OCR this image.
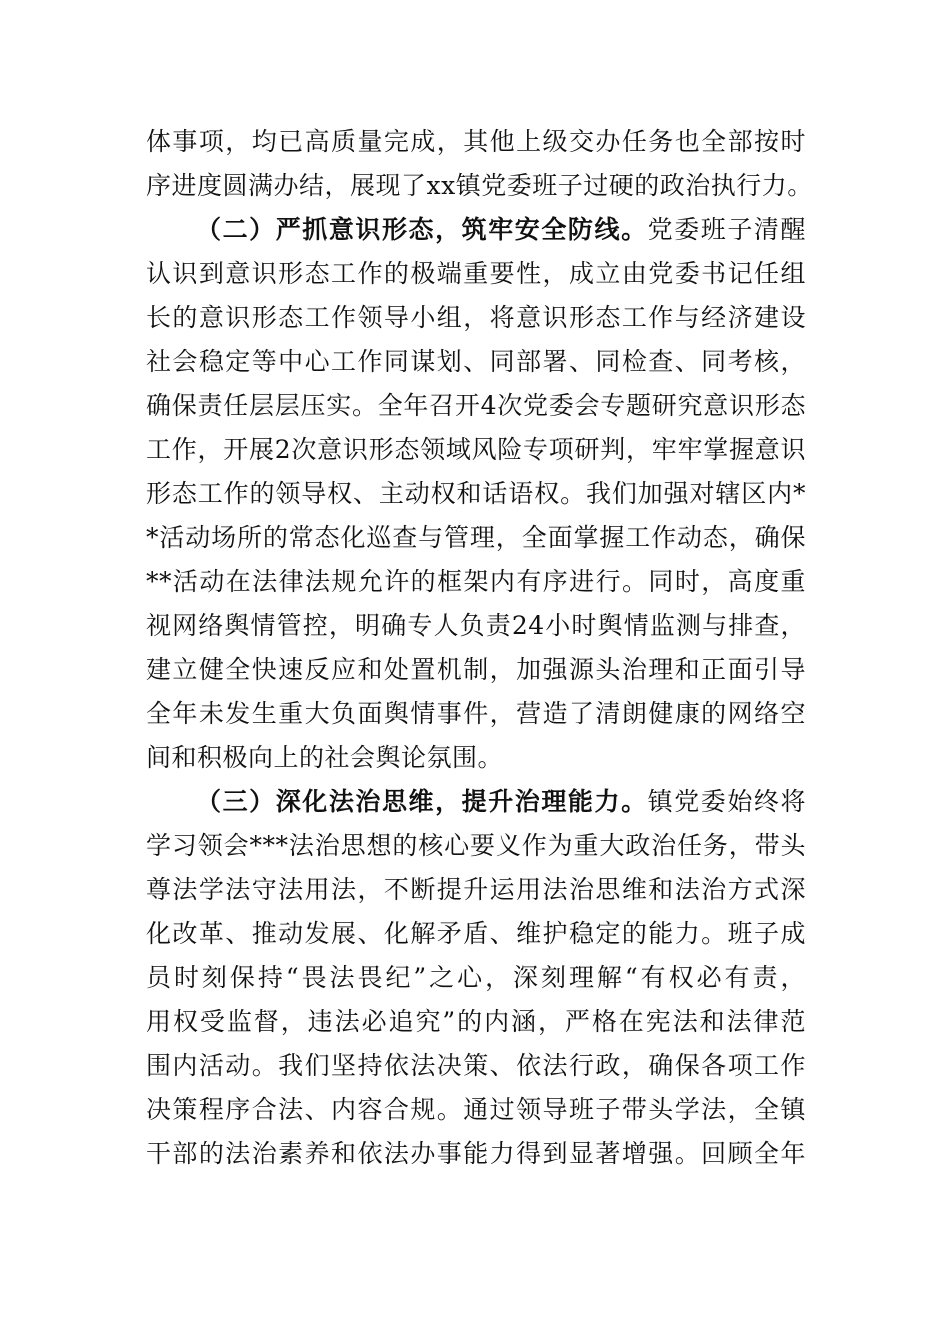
体事项，均已高质量完成，其他上级交办任务也全部按时
序进度圆满办结，展现了xx镇党委班子过硬的政治执行力。
（二）严抓意识形态，筑牢安全防线。党委班子清醒
认识到意识形态工作的极端重要性，成立由党委书记任组
长的意识形态工作领导小组，将意识形态工作与经济建设
社会稳定等中心工作同谋划、同部署、同检查、同考核，
确保责任层层压实。全年召开4次党委会专题研究意识形态
工作，开展2次意识形态领域风险专项研判，牢牢掌握意识
形态工作的领导权、主动权和话语权。我们加强对辖区内*
*活动场所的常态化巡查与管理，全面掌握工作动态，确保
**活动在法律法规允许的框架内有序进行。同时，高度重
视网络舆情管控，明确专人负责24小时舆情监测与排查，
建立健全快速反应和处置机制，加强源头治理和正面引导
全年未发生重大负面舆情事件，营造了清朗健康的网络空
间和积极向上的社会舆论氛围。
（三）深化法治思维，提升治理能力。镇党委始终将
学习领会***法治思想的核心要义作为重大政治任务，带头
尊法学法守法用法，不断提升运用法治思维和法治方式深
化改革、推动发展、化解矛盾、维护稳定的能力。班子成
员时刻保持“畏法畏纪”之心，深刻理解“有权必有责，
用权受监督，违法必追究”的内涵，严格在宪法和法律范
围内活动。我们坚持依法决策、依法行政，确保各项工作
决策程序合法、内容合规。通过领导班子带头学法，全镇
干部的法治素养和依法办事能力得到显著增强。回顾全年
